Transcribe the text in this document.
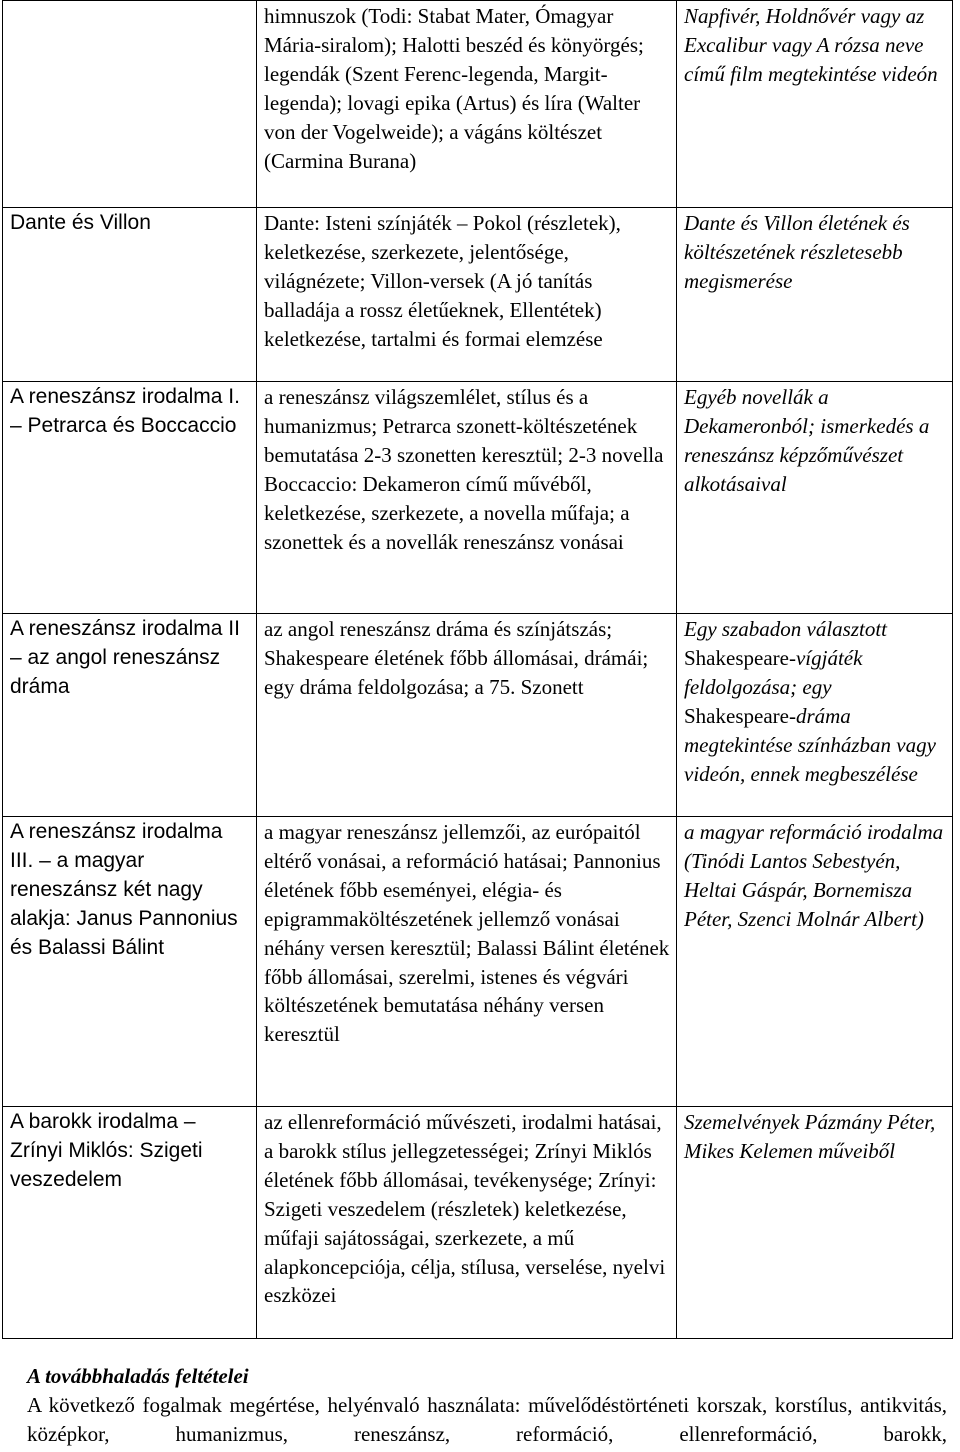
	himnuszok (Todi: Stabat Mater, Ómagyar Mária-siralom); Halotti beszéd és könyörgés; legendák (Szent Ferenc-legenda, Margit-legenda); lovagi epika (Artus) és líra (Walter von der Vogelweide); a vágáns költészet (Carmina Burana)	Napfivér, Holdnővér vagy az Excalibur vagy A rózsa neve című film megtekintése videón
Dante és Villon	Dante: Isteni színjáték – Pokol (részletek), keletkezése, szerkezete, jelentősége, világnézete; Villon-versek (A jó tanítás balladája a rossz életűeknek, Ellentétek) keletkezése, tartalmi és formai elemzése	Dante és Villon életének és költészetének részletesebb megismerése
A reneszánsz irodalma I. – Petrarca és Boccaccio	a reneszánsz világszemlélet, stílus és a humanizmus; Petrarca szonett-költészetének bemutatása 2-3 szonetten keresztül; 2-3 novella Boccaccio: Dekameron című művéből, keletkezése, szerkezete, a novella műfaja; a szonettek és a novellák reneszánsz vonásai	Egyéb novellák a Dekameronból; ismerkedés a reneszánsz képzőművészet alkotásaival
A reneszánsz irodalma II – az angol reneszánsz dráma	az angol reneszánsz dráma és színjátszás; Shakespeare életének főbb állomásai, drámái; egy dráma feldolgozása; a 75. Szonett	Egy szabadon választott Shakespeare-vígjáték feldolgozása; egy Shakespeare-dráma megtekintése színházban vagy videón, ennek megbeszélése
A reneszánsz irodalma III. – a magyar reneszánsz két nagy alakja: Janus Pannonius és Balassi Bálint	a magyar reneszánsz jellemzői, az európaitól eltérő vonásai, a reformáció hatásai; Pannonius életének főbb eseményei, elégia- és epigrammaköltészetének jellemző vonásai néhány versen keresztül; Balassi Bálint életének főbb állomásai, szerelmi, istenes és végvári költészetének bemutatása néhány versen keresztül	a magyar reformáció irodalma (Tinódi Lantos Sebestyén, Heltai Gáspár, Bornemisza Péter, Szenci Molnár Albert)
A barokk irodalma – Zrínyi Miklós: Szigeti veszedelem	az ellenreformáció művészeti, irodalmi hatásai, a barokk stílus jellegzetességei; Zrínyi Miklós életének főbb állomásai, tevékenysége; Zrínyi: Szigeti veszedelem (részletek) keletkezése, műfaji sajátosságai, szerkezete, a mű alapkoncepciója, célja, stílusa, verselése, nyelvi eszközei	Szemelvények Pázmány Péter, Mikes Kelemen műveiből
A továbbhaladás feltételei

A következő fogalmak megértése, helyénvaló használata: művelődéstörténeti korszak, korstílus, antikvitás, középkor, humanizmus, reneszánsz, reformáció, ellenreformáció, barokk,
